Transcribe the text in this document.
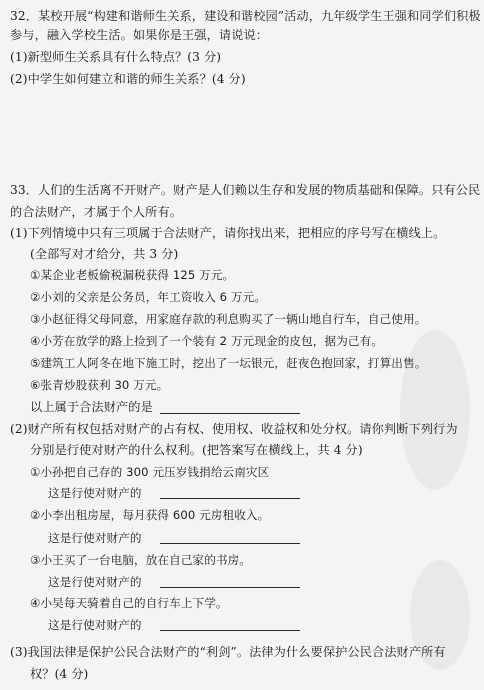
32．某校开展“构建和谐师生关系，建设和谐校园”活动，九年级学生王强和同学们积极
参与，融入学校生活。如果你是王强，请说说：
(1)新型师生关系具有什么特点？(3 分)
(2)中学生如何建立和谐的师生关系？(4 分)
33．人们的生活离不开财产。财产是人们赖以生存和发展的物质基础和保障。只有公民
的合法财产，才属于个人所有。
(1)下列情境中只有三项属于合法财产，请你找出来，把相应的序号写在横线上。
(全部写对才给分，共 3 分)
①某企业老板偷税漏税获得 125 万元。
②小刘的父亲是公务员，年工资收入 6 万元。
③小赵征得父母同意，用家庭存款的利息购买了一辆山地自行车，自己使用。
④小芳在放学的路上捡到了一个装有 2 万元现金的皮包，据为己有。
⑤建筑工人阿冬在地下施工时，挖出了一坛银元，赶夜色抱回家，打算出售。
⑥张青炒股获利 30 万元。
以上属于合法财产的是
(2)财产所有权包括对财产的占有权、使用权、收益权和处分权。请你判断下列行为
分别是行使对财产的什么权利。(把答案写在横线上，共 4 分)
①小孙把自己存的 300 元压岁钱捐给云南灾区
这是行使对财产的
②小李出租房屋，每月获得 600 元房租收入。
这是行使对财产的
③小王买了一台电脑，放在自己家的书房。
这是行使对财产的
④小吴每天骑着自己的自行车上下学。
这是行使对财产的
(3)我国法律是保护公民合法财产的“利剑”。法律为什么要保护公民合法财产所有
权？(4 分)
